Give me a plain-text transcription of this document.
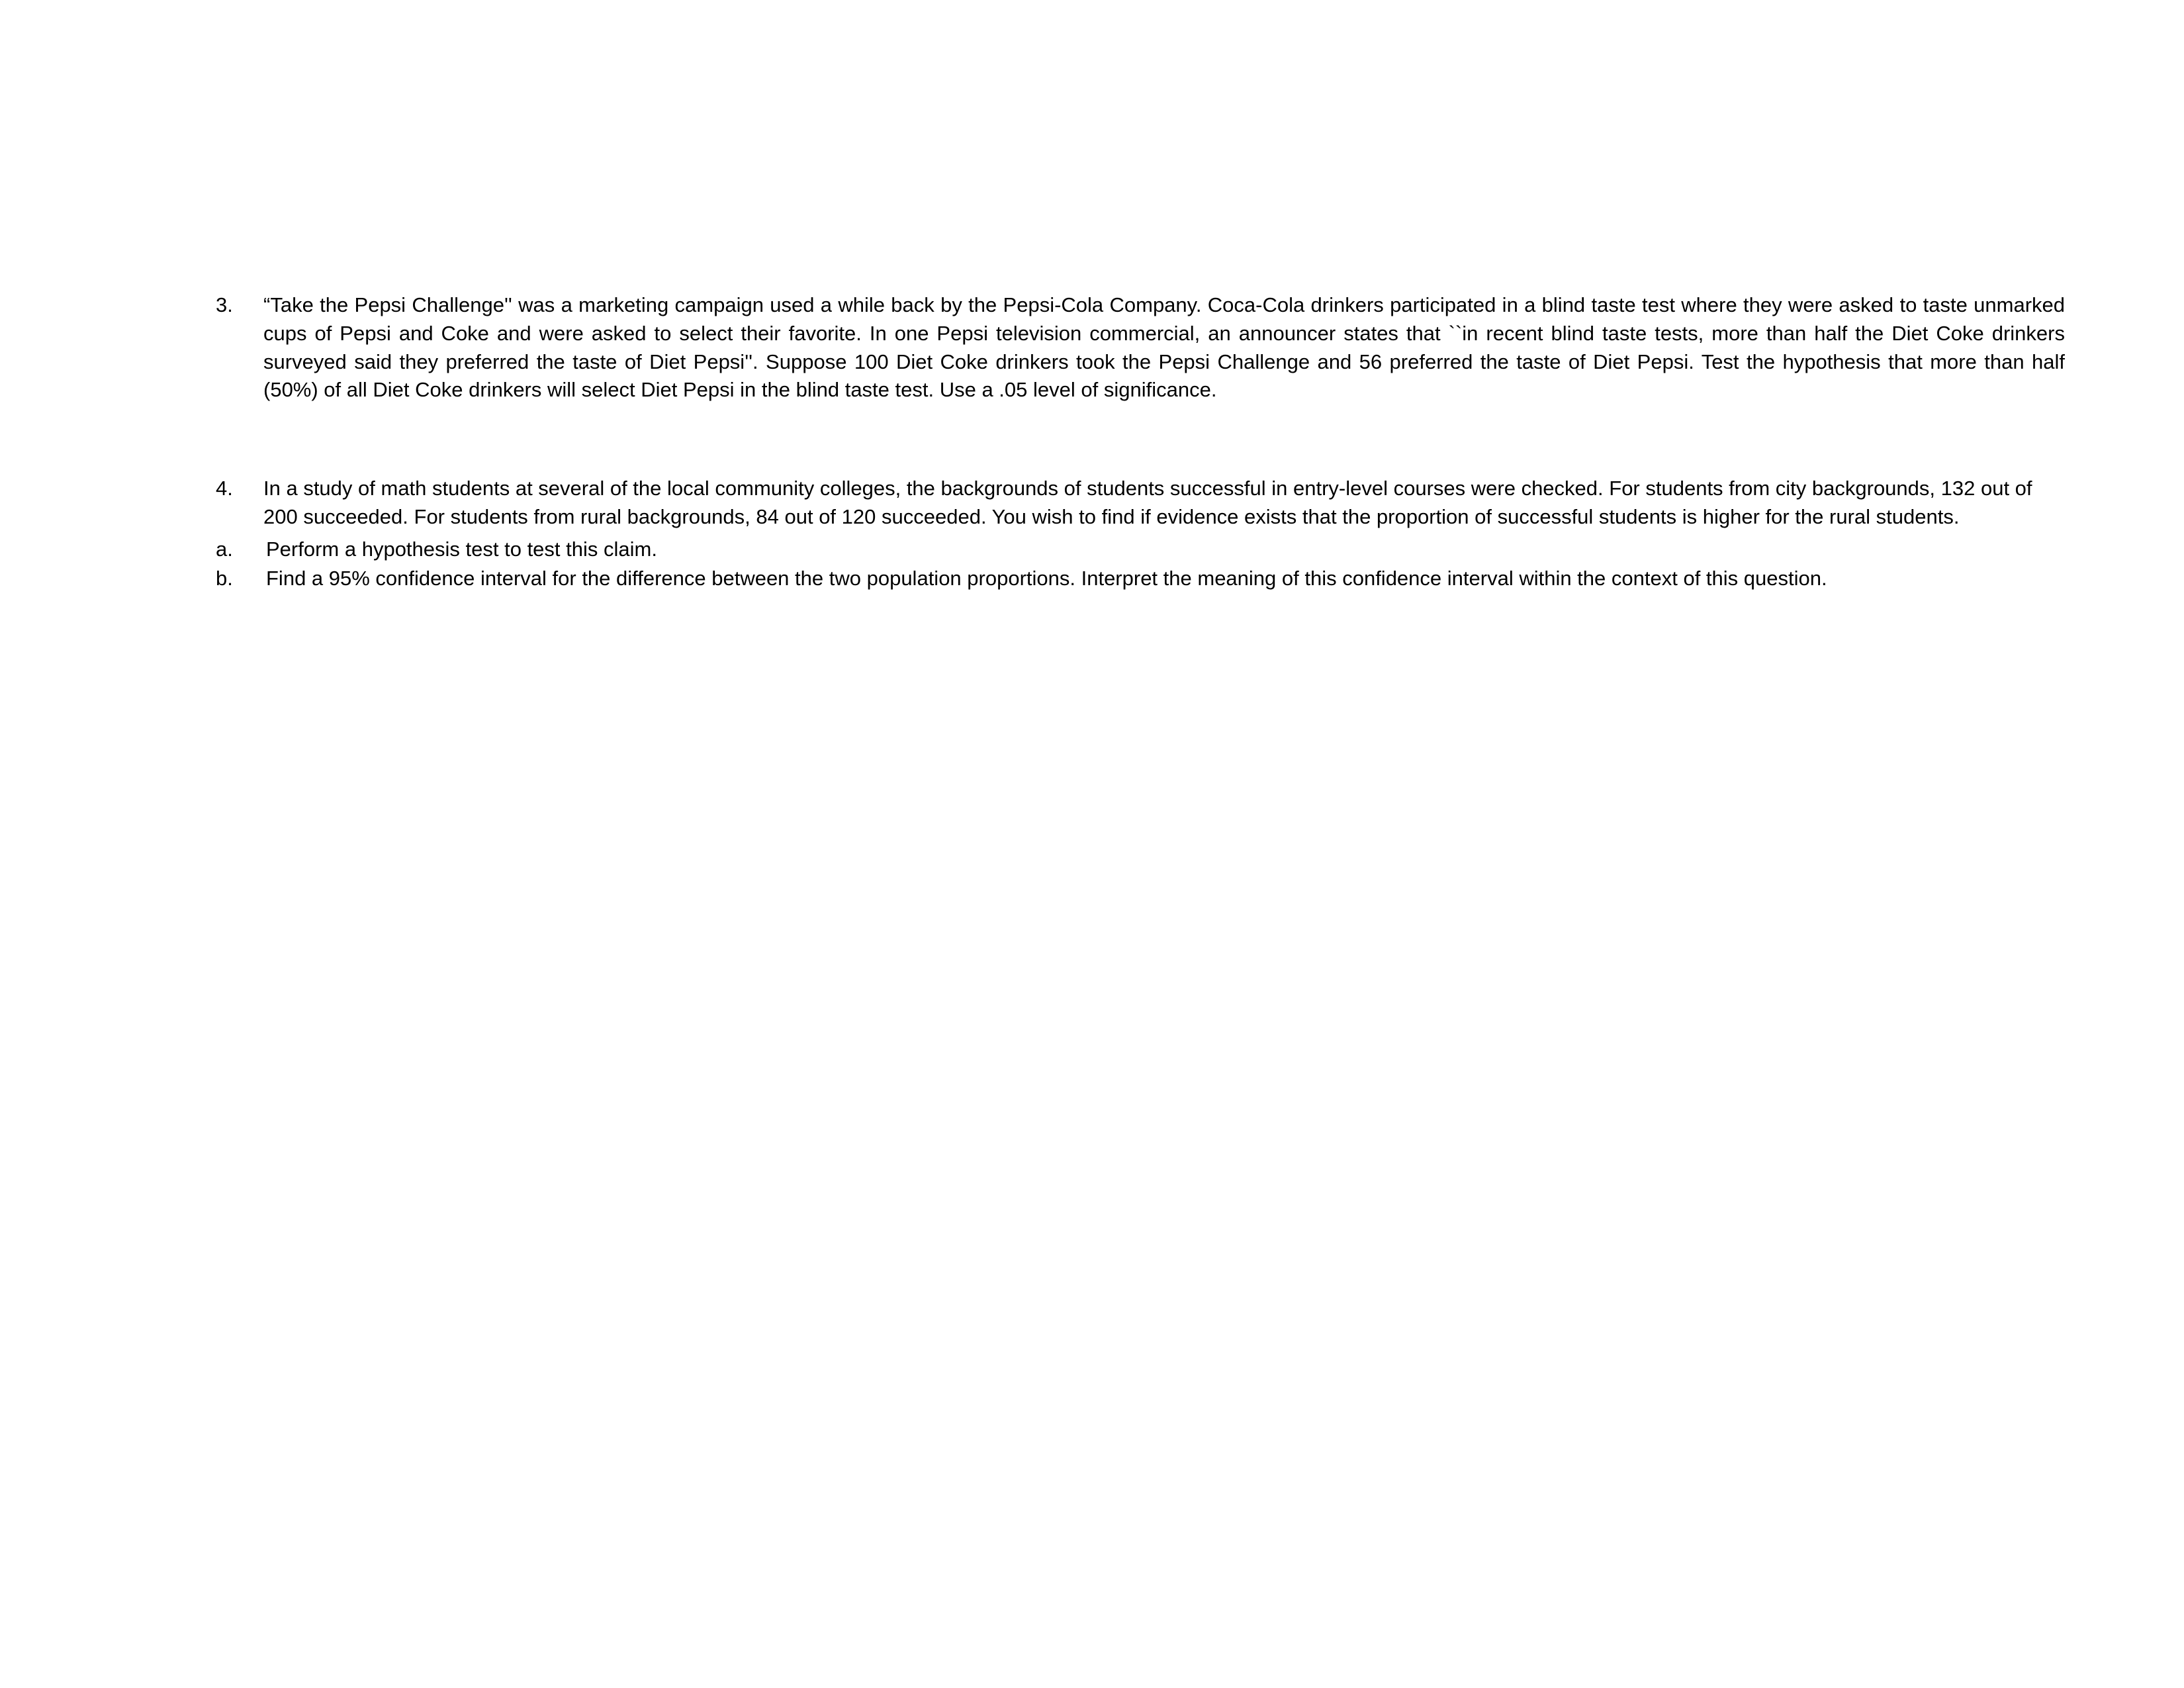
3.	“Take the Pepsi Challenge'' was a marketing campaign used a while back by the Pepsi-Cola Company. Coca-Cola drinkers participated in a blind taste test where they were asked to taste unmarked cups of Pepsi and Coke and were asked to select their favorite. In one Pepsi television commercial, an announcer states that ``in recent blind taste tests, more than half the Diet Coke drinkers surveyed said they preferred the taste of Diet Pepsi''. Suppose 100 Diet Coke drinkers took the Pepsi Challenge and 56 preferred the taste of Diet Pepsi. Test the hypothesis that more than half (50%) of all Diet Coke drinkers will select Diet Pepsi in the blind taste test. Use a .05 level of significance.
4.	In a study of math students at several of the local community colleges, the backgrounds of students successful in entry-level courses were checked. For students from city backgrounds, 132 out of 200 succeeded. For students from rural backgrounds, 84 out of 120 succeeded. You wish to find if evidence exists that the proportion of successful students is higher for the rural students.
a.	Perform a hypothesis test to test this claim.
b.	Find a 95% confidence interval for the difference between the two population proportions. Interpret the meaning of this confidence interval within the context of this question.
